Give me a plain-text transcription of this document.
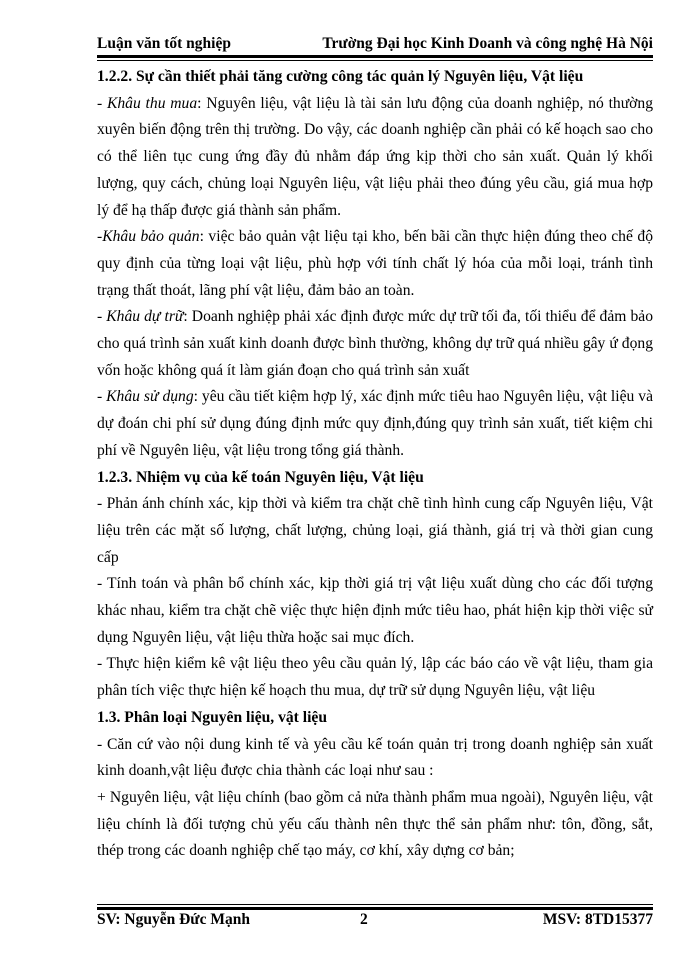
Luận văn tốt nghiệp	Trường Đại học Kinh Doanh và công nghệ Hà Nội
1.2.2. Sự cần thiết phải tăng cường công tác quản lý Nguyên liệu, Vật liệu

- Khâu thu mua: Nguyên liệu, vật liệu là tài sản lưu động của doanh nghiệp, nó thường xuyên biến động trên thị trường. Do vậy, các doanh nghiệp cần phải có kế hoạch sao cho có thể liên tục cung ứng đầy đủ nhằm đáp ứng kịp thời cho sản xuất. Quản lý khối lượng, quy cách, chủng loại Nguyên liệu, vật liệu phải theo đúng yêu cầu, giá mua hợp lý để hạ thấp được giá thành sản phẩm.

-Khâu bảo quản: việc bảo quản vật liệu tại kho, bến bãi cần thực hiện đúng theo chế độ quy định của từng loại vật liệu, phù hợp với tính chất lý hóa của mỗi loại, tránh tình trạng thất thoát, lãng phí vật liệu, đảm bảo an toàn.

- Khâu dự trữ: Doanh nghiệp phải xác định được mức dự trữ tối đa, tối thiểu để đảm bảo cho quá trình sản xuất kinh doanh được bình thường, không dự trữ quá nhiều gây ứ đọng vốn hoặc không quá ít làm gián đoạn cho quá trình sản xuất

- Khâu sử dụng: yêu cầu tiết kiệm hợp lý, xác định mức tiêu hao Nguyên liệu, vật liệu và dự đoán chi phí sử dụng đúng định mức quy định,đúng quy trình sản xuất, tiết kiệm chi phí về Nguyên liệu, vật liệu trong tổng giá thành.

1.2.3. Nhiệm vụ của kế toán Nguyên liệu, Vật liệu

- Phản ánh chính xác, kịp thời và kiểm tra chặt chẽ tình hình cung cấp Nguyên liệu, Vật liệu trên các mặt số lượng, chất lượng, chủng loại, giá thành, giá trị và thời gian cung cấp

- Tính toán và phân bổ chính xác, kịp thời giá trị vật liệu xuất dùng cho các đối tượng khác nhau, kiểm tra chặt chẽ việc thực hiện định mức tiêu hao, phát hiện kịp thời việc sử dụng Nguyên liệu, vật liệu thừa hoặc sai mục đích.

- Thực hiện kiểm kê vật liệu theo yêu cầu quản lý, lập các báo cáo về vật liệu, tham gia phân tích việc thực hiện kế hoạch thu mua, dự trữ sử dụng Nguyên liệu, vật liệu

1.3. Phân loại Nguyên liệu, vật liệu

- Căn cứ vào nội dung kinh tế và yêu cầu kế toán quản trị trong doanh nghiệp sản xuất kinh doanh,vật liệu được chia thành các loại như sau :

+ Nguyên liệu, vật liệu chính (bao gồm cả nửa thành phẩm mua ngoài), Nguyên liệu, vật liệu chính là đối tượng chủ yếu cấu thành nên thực thể sản phẩm như: tôn, đồng, sắt, thép trong các doanh nghiệp chế tạo máy, cơ khí, xây dựng cơ bản;

SV: Nguyễn Đức Mạnh	2	MSV: 8TD15377
